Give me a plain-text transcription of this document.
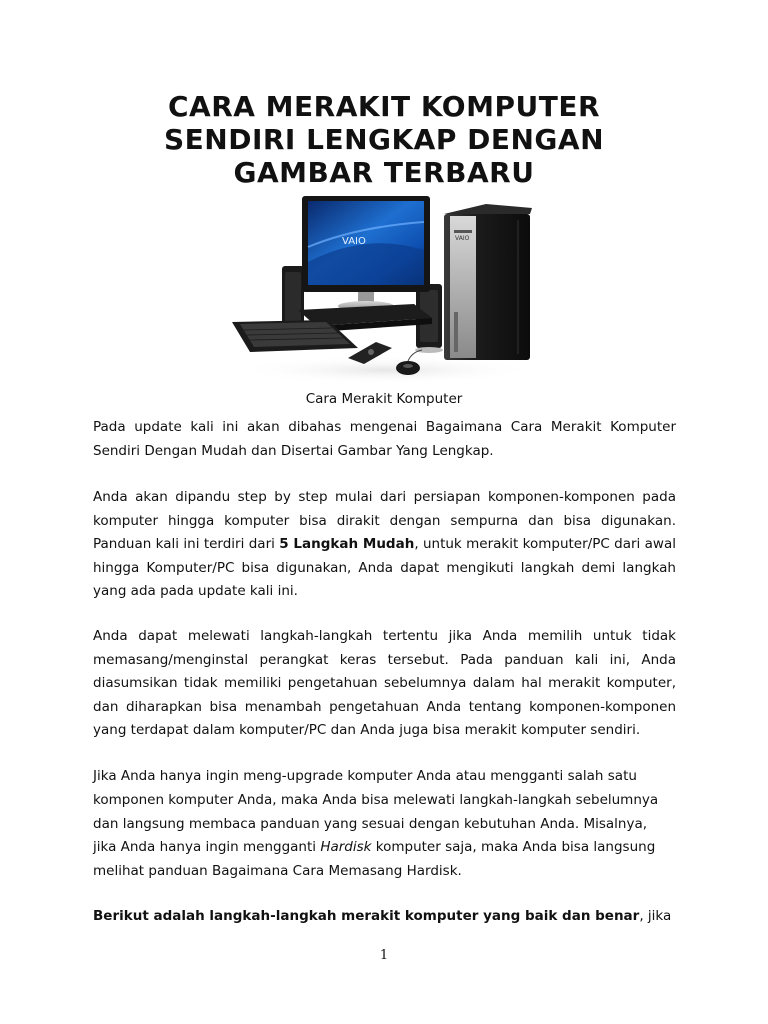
CARA MERAKIT KOMPUTER
SENDIRI LENGKAP DENGAN
GAMBAR TERBARU
VAIO
VAIO
Cara Merakit Komputer

Pada update kali ini akan dibahas mengenai Bagaimana Cara Merakit Komputer
Sendiri Dengan Mudah dan Disertai Gambar Yang Lengkap.

Anda akan dipandu step by step mulai dari persiapan komponen-komponen pada
komputer hingga komputer bisa dirakit dengan sempurna dan bisa digunakan.
Panduan kali ini terdiri dari 5 Langkah Mudah, untuk merakit komputer/PC dari awal
hingga Komputer/PC bisa digunakan, Anda dapat mengikuti langkah demi langkah
yang ada pada update kali ini.

Anda dapat melewati langkah-langkah tertentu jika Anda memilih untuk tidak
memasang/menginstal perangkat keras tersebut. Pada panduan kali ini, Anda
diasumsikan tidak memiliki pengetahuan sebelumnya dalam hal merakit komputer,
dan diharapkan bisa menambah pengetahuan Anda tentang komponen-komponen
yang terdapat dalam komputer/PC dan Anda juga bisa merakit komputer sendiri.

Jika Anda hanya ingin meng-upgrade komputer Anda atau mengganti salah satu
komponen komputer Anda, maka Anda bisa melewati langkah-langkah sebelumnya
dan langsung membaca panduan yang sesuai dengan kebutuhan Anda. Misalnya,
jika Anda hanya ingin mengganti Hardisk komputer saja, maka Anda bisa langsung
melihat panduan Bagaimana Cara Memasang Hardisk.

Berikut adalah langkah-langkah merakit komputer yang baik dan benar, jika

1
